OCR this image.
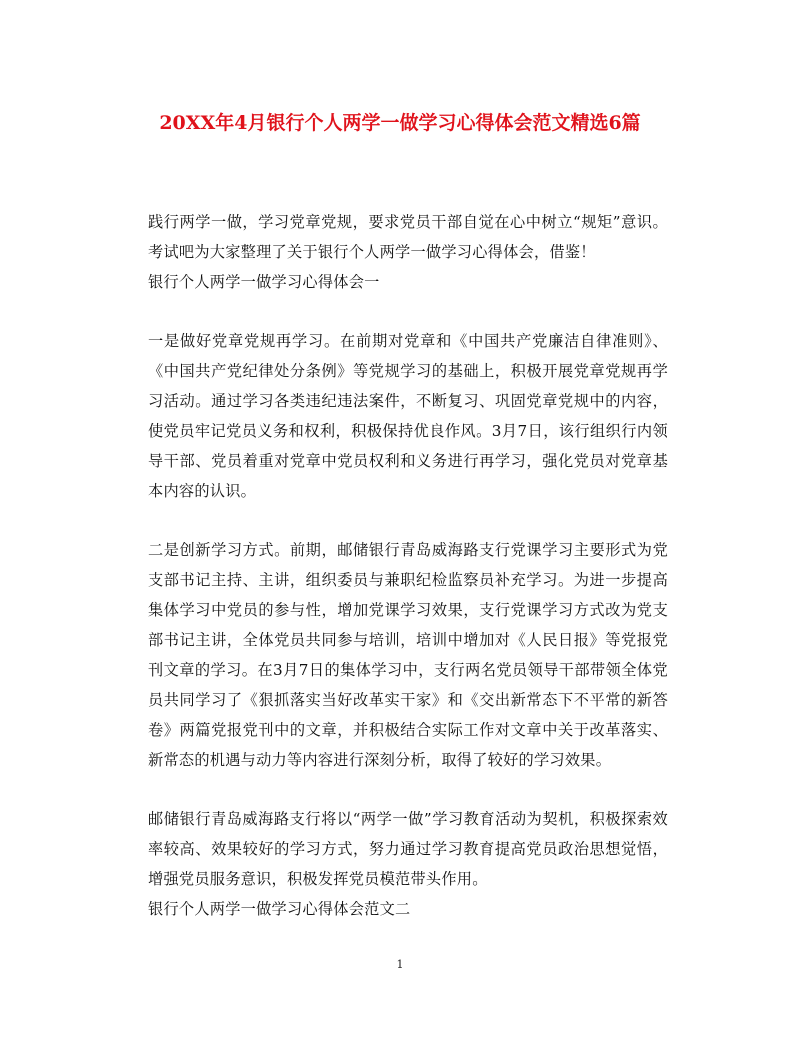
20XX年4月银行个人两学一做学习心得体会范文精选6篇

践行两学一做，学习党章党规，要求党员干部自觉在心中树立“规矩”意识。考试吧为大家整理了关于银行个人两学一做学习心得体会，借鉴！

银行个人两学一做学习心得体会一

一是做好党章党规再学习。在前期对党章和《中国共产党廉洁自律准则》、《中国共产党纪律处分条例》等党规学习的基础上，积极开展党章党规再学习活动。通过学习各类违纪违法案件，不断复习、巩固党章党规中的内容，使党员牢记党员义务和权利，积极保持优良作风。3月7日，该行组织行内领导干部、党员着重对党章中党员权利和义务进行再学习，强化党员对党章基本内容的认识。

二是创新学习方式。前期，邮储银行青岛威海路支行党课学习主要形式为党支部书记主持、主讲，组织委员与兼职纪检监察员补充学习。为进一步提高集体学习中党员的参与性，增加党课学习效果，支行党课学习方式改为党支部书记主讲，全体党员共同参与培训，培训中增加对《人民日报》等党报党刊文章的学习。在3月7日的集体学习中，支行两名党员领导干部带领全体党员共同学习了《狠抓落实当好改革实干家》和《交出新常态下不平常的新答卷》两篇党报党刊中的文章，并积极结合实际工作对文章中关于改革落实、新常态的机遇与动力等内容进行深刻分析，取得了较好的学习效果。

邮储银行青岛威海路支行将以“两学一做”学习教育活动为契机，积极探索效率较高、效果较好的学习方式，努力通过学习教育提高党员政治思想觉悟，增强党员服务意识，积极发挥党员模范带头作用。

银行个人两学一做学习心得体会范文二

1
